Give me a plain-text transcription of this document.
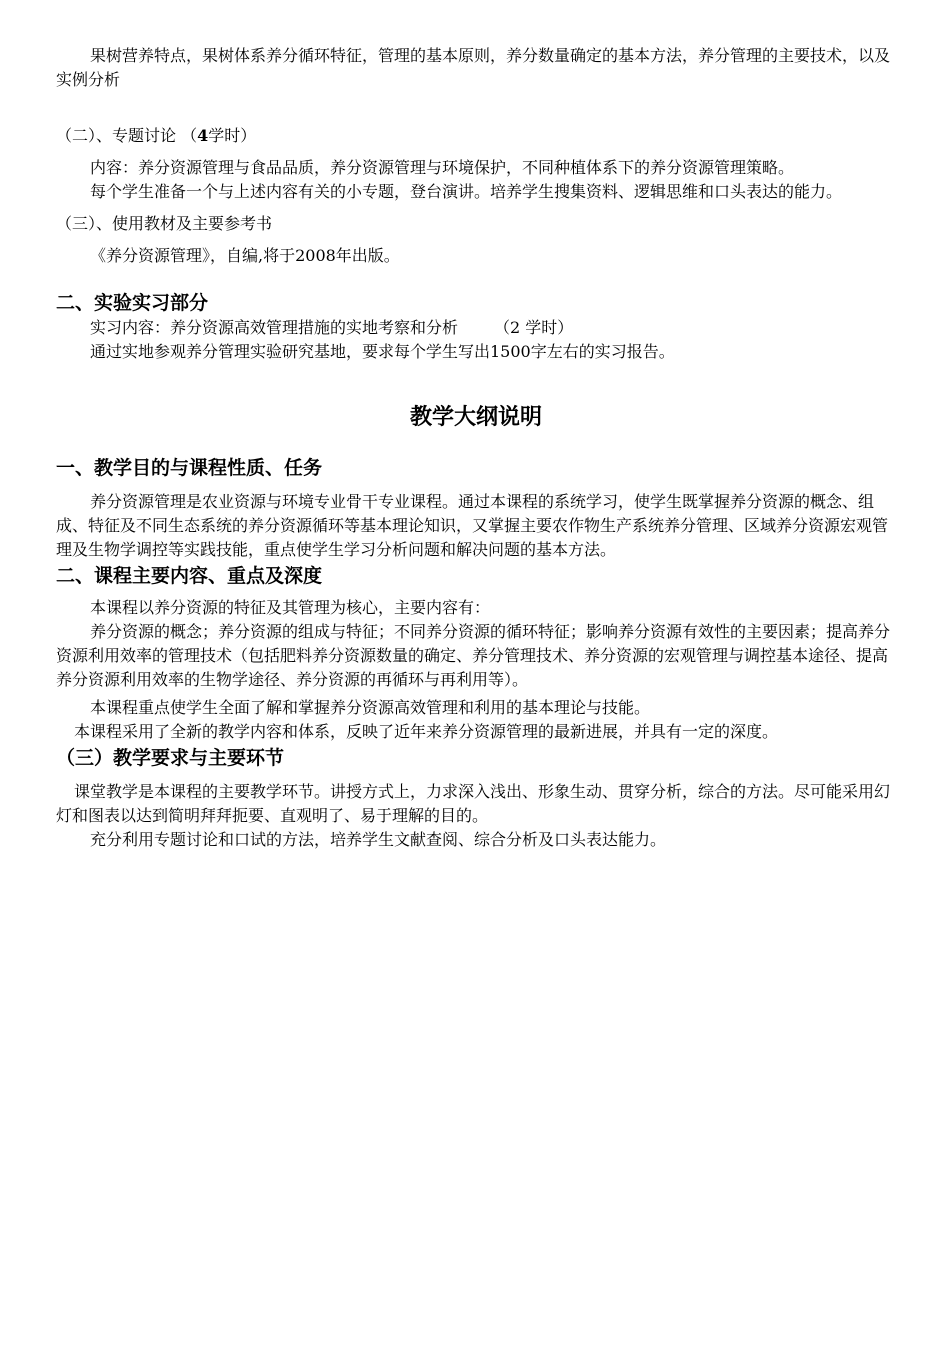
果树营养特点，果树体系养分循环特征，管理的基本原则，养分数量确定的基本方法，养分管理的主要技术，以及实例分析

（二）、专题讨论 （4学时）

内容：养分资源管理与食品品质，养分资源管理与环境保护，不同种植体系下的养分资源管理策略。

每个学生准备一个与上述内容有关的小专题，登台演讲。培养学生搜集资料、逻辑思维和口头表达的能力。

（三）、使用教材及主要参考书

《养分资源管理》，自编,将于2008年出版。

二、实验实习部分

实习内容：养分资源高效管理措施的实地考察和分析 （2 学时）

通过实地参观养分管理实验研究基地，要求每个学生写出1500字左右的实习报告。

教学大纲说明
一、教学目的与课程性质、任务

养分资源管理是农业资源与环境专业骨干专业课程。通过本课程的系统学习，使学生既掌握养分资源的概念、组成、特征及不同生态系统的养分资源循环等基本理论知识，又掌握主要农作物生产系统养分管理、区域养分资源宏观管理及生物学调控等实践技能，重点使学生学习分析问题和解决问题的基本方法。

二、课程主要内容、重点及深度

本课程以养分资源的特征及其管理为核心，主要内容有：

养分资源的概念；养分资源的组成与特征；不同养分资源的循环特征；影响养分资源有效性的主要因素；提高养分资源利用效率的管理技术（包括肥料养分资源数量的确定、养分管理技术、养分资源的宏观管理与调控基本途径、提高养分资源利用效率的生物学途径、养分资源的再循环与再利用等）。

本课程重点使学生全面了解和掌握养分资源高效管理和利用的基本理论与技能。

本课程采用了全新的教学内容和体系，反映了近年来养分资源管理的最新进展，并具有一定的深度。

（三）教学要求与主要环节

课堂教学是本课程的主要教学环节。讲授方式上，力求深入浅出、形象生动、贯穿分析，综合的方法。尽可能采用幻灯和图表以达到简明拜拜扼要、直观明了、易于理解的目的。

充分利用专题讨论和口试的方法，培养学生文献查阅、综合分析及口头表达能力。
